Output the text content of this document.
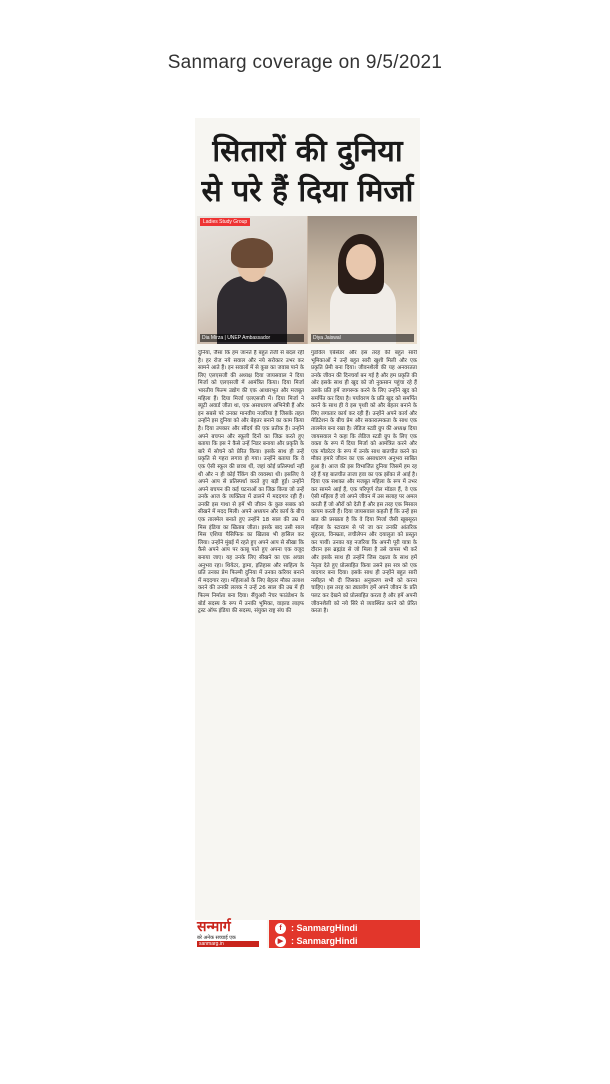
Sanmarg coverage on 9/5/2021
सितारों की दुनिया
से परे हैं दिया मिर्जा
Ladies Study Group
Dia Mirza | UNEP Ambassador	Diya Jaiswal
दुनिया, जैसा कि हम जानते हैं बहुत तेजी से बदल रही है। हर रोज नये सवाल और नये सरोकार उभर कर सामने आते हैं। इन सवालों में से कुछ का जवाब पाने के लिए एलएसजी की अध्यक्ष दिया जायसवाल ने दिया मिर्जा को एलएसजी में आमंत्रित किया। दिया मिर्जा भारतीय फिल्म उद्योग की एक आधारभूत और मजबूत महिला हैं। दिया मिर्जा एलएसजी में। दिया मिर्जा ने ब्यूटी अवार्ड जीता था, एक असाधारण अभिनेत्री हैं और इन सबसे परे उनका मानवीय नजरिया है जिसके तहत उन्होंने इस दुनिया को और बेहतर बनाने का काम किया है। दिया उपकार और सौंदर्य की एक प्रतीक हैं। उन्होंने अपने बचपन और स्कूली दिनों का जिक्र करते हुए बताया कि इस ने कैसे उन्हें निडर बनाया और प्रकृति के बारे में सोचने को प्रेरित किया। इसके साथ ही उन्हें प्रकृति से गहरा लगाव हो गया। उन्होंने बताया कि वे एक ऐसी स्कूल की छात्रा थीं, जहां कोई प्रतिस्पर्धा नहीं थी और न ही कोई रैंकिंग की व्यवस्था थी। इसलिए वे अपने आप से प्रतिस्पर्धा करते हुए बड़ी हुईं। उन्होंने अपने बचपन की कई घटनाओं का जिक्र किया जो उन्हें उनके आज के व्यक्तित्व में ढालने में मददगार रही हैं। उनकी इस गाथा से हमें भी जीवन के कुछ सबक को सीखने में मदद मिली। अपने अध्ययन और कार्य के बीच एक तालमेल बनाते हुए उन्होंने 18 साल की उम्र में मिस इंडिया का खिताब जीता। इसके बाद उसी साल मिस एशिया पैसिफिक का खिताब भी हासिल कर लिया। उन्होंने मुंबई में रहते हुए अपने आप से सीखा कि कैसे अपने आप पर काबू पाते हुए अपना एक वजूद बनाया जाए। यह उनके लिए सीखने का एक अच्छा अनुभव रहा। थियेटर, ड्रामा, इतिहास और साहित्य के प्रति उनका प्रेम फिल्मी दुनिया में उनका करियर बनाने में मददगार रहा। महिलाओं के लिए बेहतर मौका तलाश करने की उनकी ललक ने उन्हें 26 साल की उम्र में ही फिल्म निर्माता बना दिया। सैंचुअरी नेचर फाउंडेशन के बोर्ड सदस्य के रूप में उनकी भूमिका, वाइल्ड लाइफ ट्रस्ट ऑफ इंडिया की सदस्य, संयुक्त राष्ट्र संघ की
गुडविल एंबेसेडर और इस तरह की बहुत सारी भूमिकाओं ने उन्हें बहुत सारी खुशी मिली और एक प्रकृति प्रेमी बना दिया। जीवनशैली की यह अनवरतता उनके जीवन की दिनचर्या बन गई है और हम प्रकृति की ओर इसके साथ ही खुद को जो नुकसान पहुंचा रहे हैं उसके प्रति हमें जागरूक करने के लिए उन्होंने खुद को समर्पित कर दिया है। पर्यावरण के प्रति खुद को समर्पित करने के साथ ही वे इस पृथ्वी को और बेहतर बनाने के लिए लगातार कार्य कर रही हैं। उन्होंने अपने कार्य और मेडिटेशन के बीच प्रेम और सकारात्मकता के साथ एक तालमेल बना रखा है। लेडिज स्टडी ग्रुप की अध्यक्ष दिया जायसवाल ने कहा कि लेडिज स्टडी ग्रुप के लिए एक वक्ता के रूप में दिया मिर्जा को आमंत्रित करने और एक मॉडरेटर के रूप में उनके साथ बातचीत करने का मौका हमारे जीवन का एक असाधारण अनुभव साबित हुआ है। आज की इस विभाजित दुनिया जिसमें हम रह रहे हैं यह बातचीत ताजा हवा का एक झोंका ले आई है। दिया एक सशक्त और मजबूत महिला के रूप में उभर कर सामने आई हैं, एक परिपूर्ण रोल मॉडल हैं, वे एक ऐसी महिला हैं जो अपने जीवन में उस सलाह पर अमल करती हैं जो औरों को देती हैं और इस तरह एक मिसाल कायम करती हैं। दिया जायसवाल कहती हैं कि उन्हें इस बात की प्रसन्नता है कि वे दिया मिर्जा जैसी खूबसूरत महिला के स्टारडम से परे जा कर उनकी आंतरिक सुंदरता, विनम्रता, लचीलेपन और दयालुता को प्रस्तुत कर पायीं। उनका यह नजरिया कि अपनी पूरी यात्रा के दौरान इस ब्रह्मांड से जो मिला है उसे वापस भी करें और इसके साथ ही उन्होंने जिस दक्षता के साथ हमें नेतृत्व देते हुए प्रोत्साहित किया उसने इस सत्र को एक यादगार बना दिया। इसके साथ ही उन्होंने बहुत सारी नसीहत भी दी जिसका अनुकरण सभी को करना चाहिए। इस तरह का ठ्यालॉग हमें अपने जीवन के प्रति पलट कर देखने को प्रोत्साहित करता है और हमें अपनी जीवनशैली को नये सिरे से व्यवस्थित करने को प्रेरित करता है।
सन्मार्ग
बरे अनेक सच्चाई एक
sanmarg.in
f	: SanmargHindi
▶ : SanmargHindi
